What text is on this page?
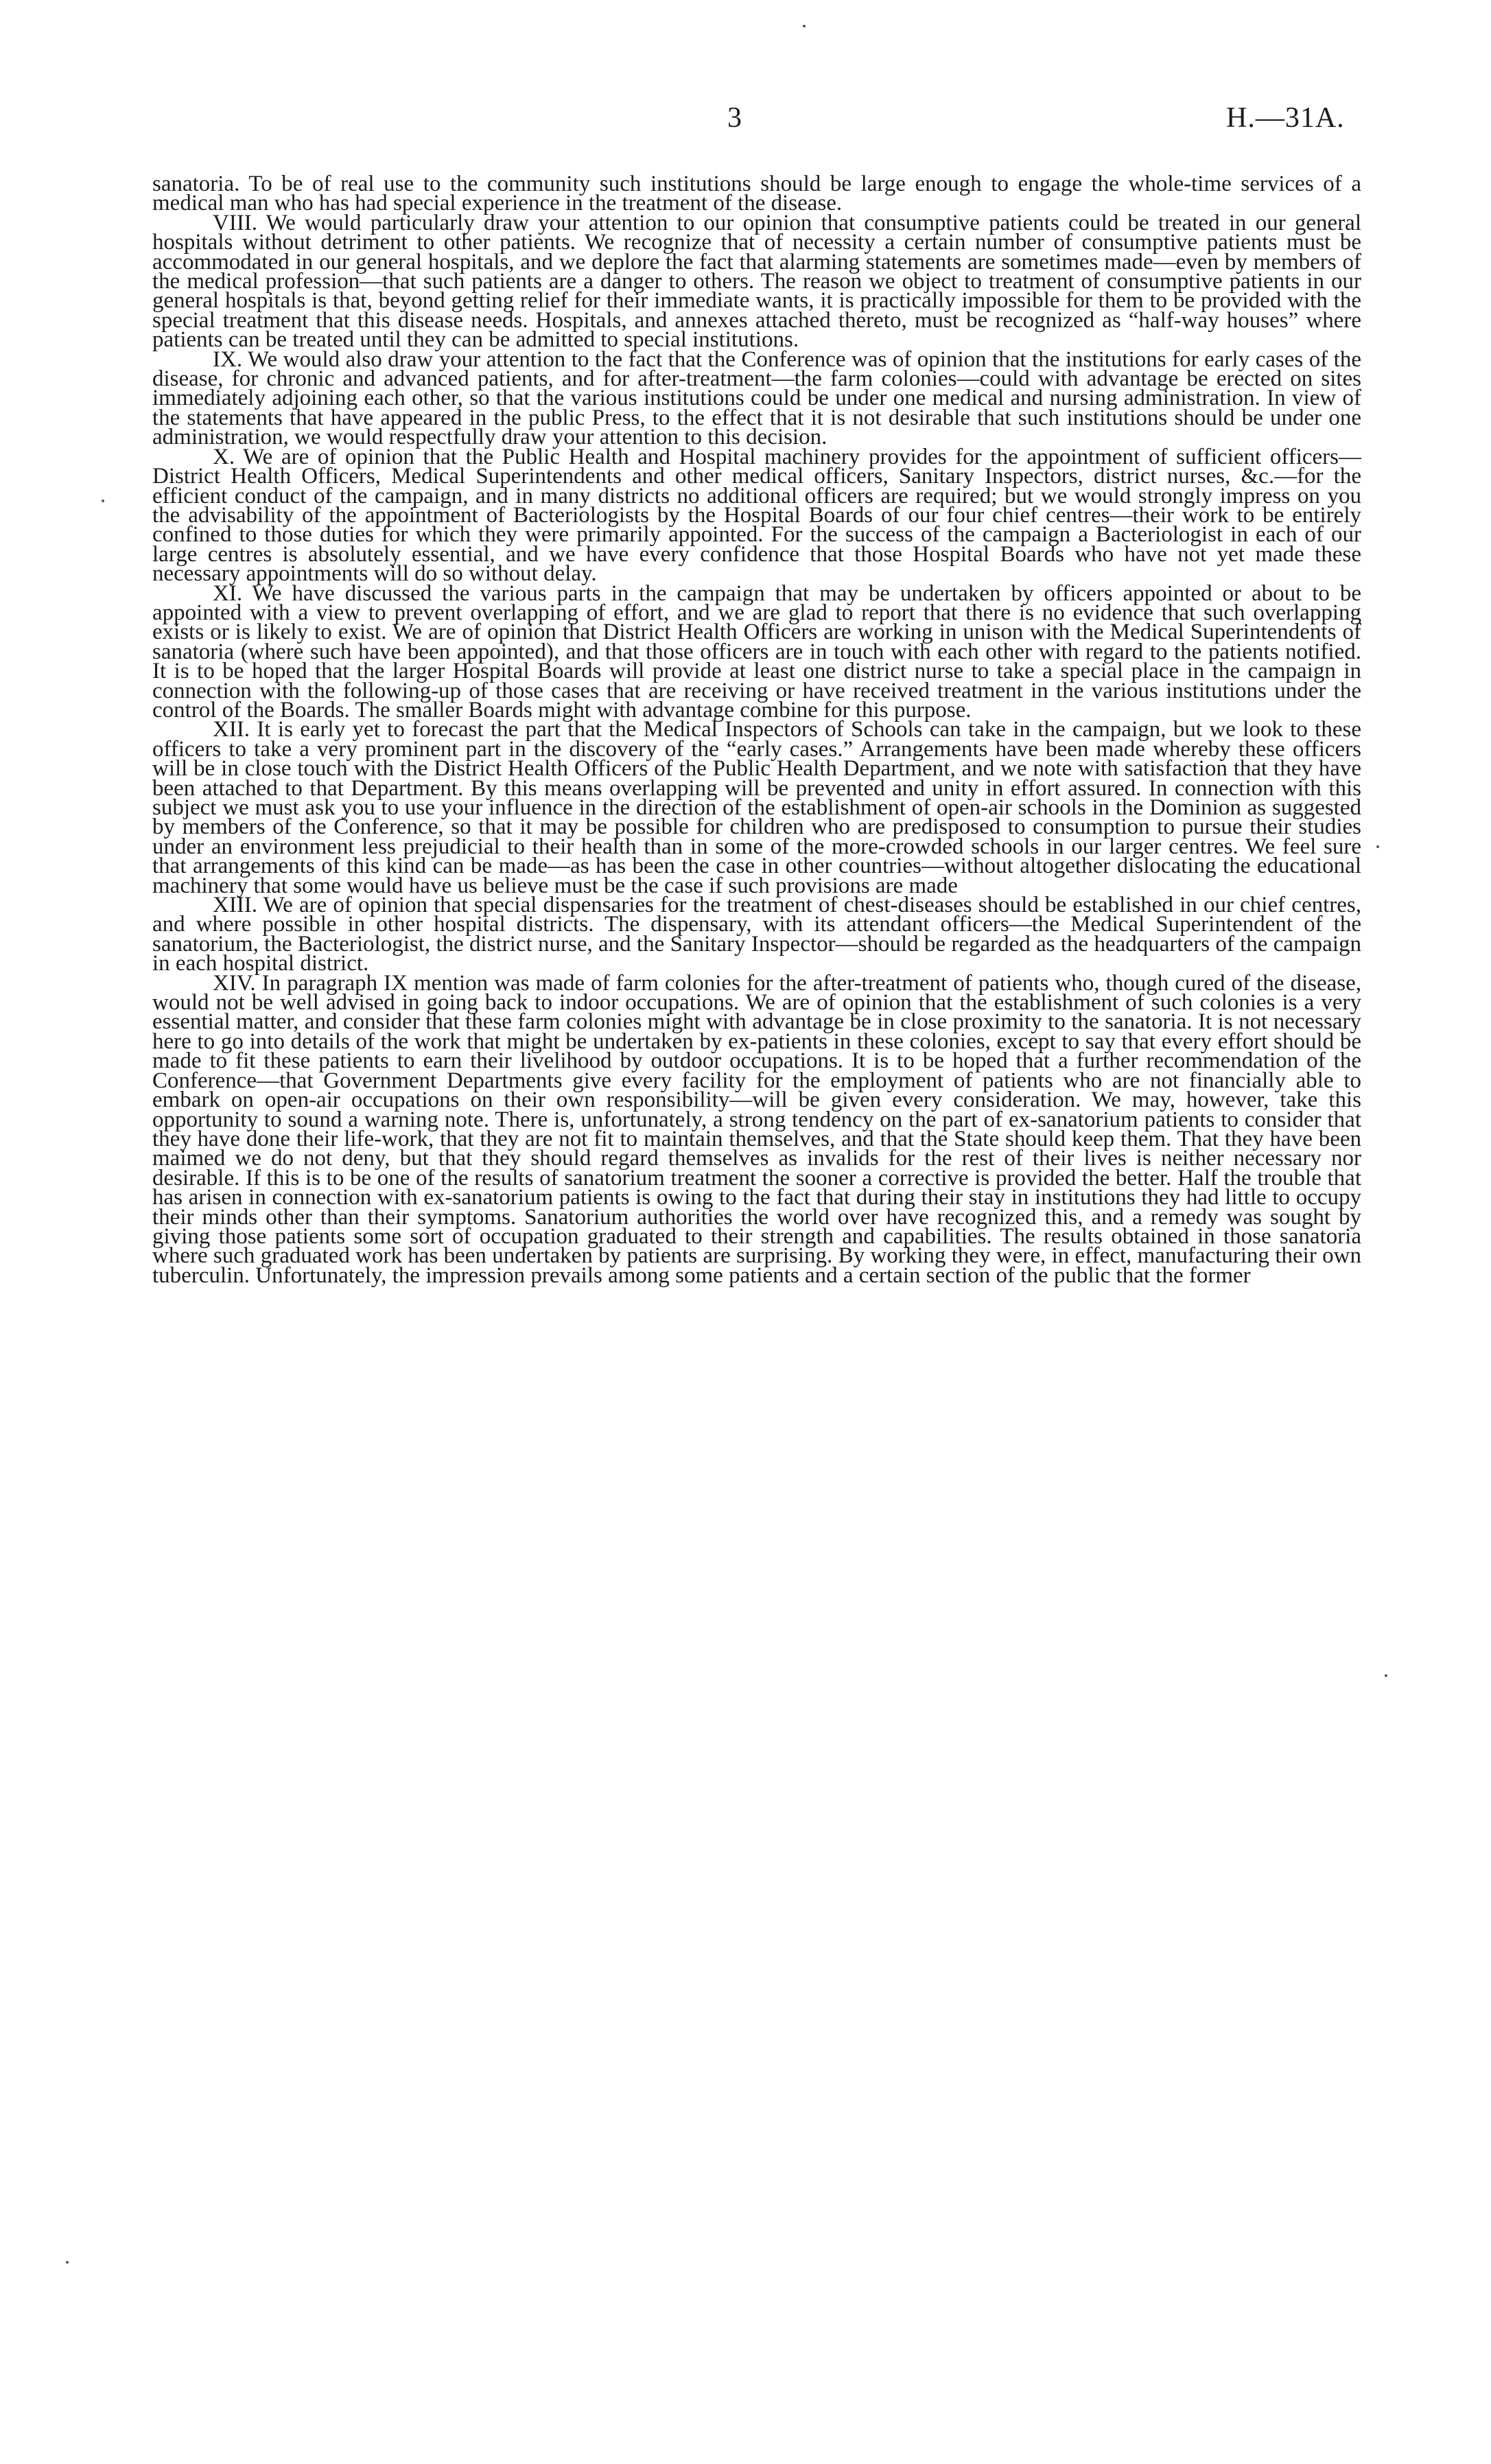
3	H.—31A.

sanatoria. To be of real use to the community such institutions should be large enough to engage the whole-time services of a medical man who has had special experience in the treatment of the disease.

VIII. We would particularly draw your attention to our opinion that consumptive patients could be treated in our general hospitals without detriment to other patients. We recognize that of necessity a certain number of consumptive patients must be accommodated in our general hospitals, and we deplore the fact that alarming statements are sometimes made—even by members of the medical profession—that such patients are a danger to others. The reason we object to treatment of consumptive patients in our general hospitals is that, beyond getting relief for their immediate wants, it is practically impossible for them to be provided with the special treatment that this disease needs. Hospitals, and annexes attached thereto, must be recognized as “half-way houses” where patients can be treated until they can be admitted to special institutions.

IX. We would also draw your attention to the fact that the Conference was of opinion that the institutions for early cases of the disease, for chronic and advanced patients, and for after-treatment—the farm colonies—could with advantage be erected on sites immediately adjoining each other, so that the various institutions could be under one medical and nursing administration. In view of the statements that have appeared in the public Press, to the effect that it is not desirable that such institutions should be under one administration, we would respectfully draw your attention to this decision.

X. We are of opinion that the Public Health and Hospital machinery provides for the appointment of sufficient officers—District Health Officers, Medical Superintendents and other medical officers, Sanitary Inspectors, district nurses, &c.—for the efficient conduct of the campaign, and in many districts no additional officers are required; but we would strongly impress on you the advisability of the appointment of Bacteriologists by the Hospital Boards of our four chief centres—their work to be entirely confined to those duties for which they were primarily appointed. For the success of the campaign a Bacteriologist in each of our large centres is absolutely essential, and we have every confidence that those Hospital Boards who have not yet made these necessary appointments will do so without delay.

XI. We have discussed the various parts in the campaign that may be undertaken by officers appointed or about to be appointed with a view to prevent overlapping of effort, and we are glad to report that there is no evidence that such overlapping exists or is likely to exist. We are of opinion that District Health Officers are working in unison with the Medical Superintendents of sanatoria (where such have been appointed), and that those officers are in touch with each other with regard to the patients notified. It is to be hoped that the larger Hospital Boards will provide at least one district nurse to take a special place in the campaign in connection with the following-up of those cases that are receiving or have received treatment in the various institutions under the control of the Boards. The smaller Boards might with advantage combine for this purpose.

XII. It is early yet to forecast the part that the Medical Inspectors of Schools can take in the campaign, but we look to these officers to take a very prominent part in the discovery of the “early cases.” Arrangements have been made whereby these officers will be in close touch with the District Health Officers of the Public Health Department, and we note with satisfaction that they have been attached to that Department. By this means overlapping will be prevented and unity in effort assured. In connection with this subject we must ask you to use your influence in the direction of the establishment of open-air schools in the Dominion as suggested by members of the Conference, so that it may be possible for children who are predisposed to consumption to pursue their studies under an environment less prejudicial to their health than in some of the more-crowded schools in our larger centres. We feel sure that arrangements of this kind can be made—as has been the case in other countries—without altogether dislocating the educational machinery that some would have us believe must be the case if such provisions are made

XIII. We are of opinion that special dispensaries for the treatment of chest-diseases should be established in our chief centres, and where possible in other hospital districts. The dispensary, with its attendant officers—the Medical Superintendent of the sanatorium, the Bacteriologist, the district nurse, and the Sanitary Inspector—should be regarded as the headquarters of the campaign in each hospital district.

XIV. In paragraph IX mention was made of farm colonies for the after-treatment of patients who, though cured of the disease, would not be well advised in going back to indoor occupations. We are of opinion that the establishment of such colonies is a very essential matter, and consider that these farm colonies might with advantage be in close proximity to the sanatoria. It is not necessary here to go into details of the work that might be undertaken by ex-patients in these colonies, except to say that every effort should be made to fit these patients to earn their livelihood by outdoor occupations. It is to be hoped that a further recommendation of the Conference—that Government Departments give every facility for the employment of patients who are not financially able to embark on open-air occupations on their own responsibility—will be given every consideration. We may, however, take this opportunity to sound a warning note. There is, unfortunately, a strong tendency on the part of ex-sanatorium patients to consider that they have done their life-work, that they are not fit to maintain themselves, and that the State should keep them. That they have been maimed we do not deny, but that they should regard themselves as invalids for the rest of their lives is neither necessary nor desirable. If this is to be one of the results of sanatorium treatment the sooner a corrective is provided the better. Half the trouble that has arisen in connection with ex-sanatorium patients is owing to the fact that during their stay in institutions they had little to occupy their minds other than their symptoms. Sanatorium authorities the world over have recognized this, and a remedy was sought by giving those patients some sort of occupation graduated to their strength and capabilities. The results obtained in those sanatoria where such graduated work has been undertaken by patients are surprising. By working they were, in effect, manufacturing their own tuberculin. Unfortunately, the impression prevails among some patients and a certain section of the public that the former
